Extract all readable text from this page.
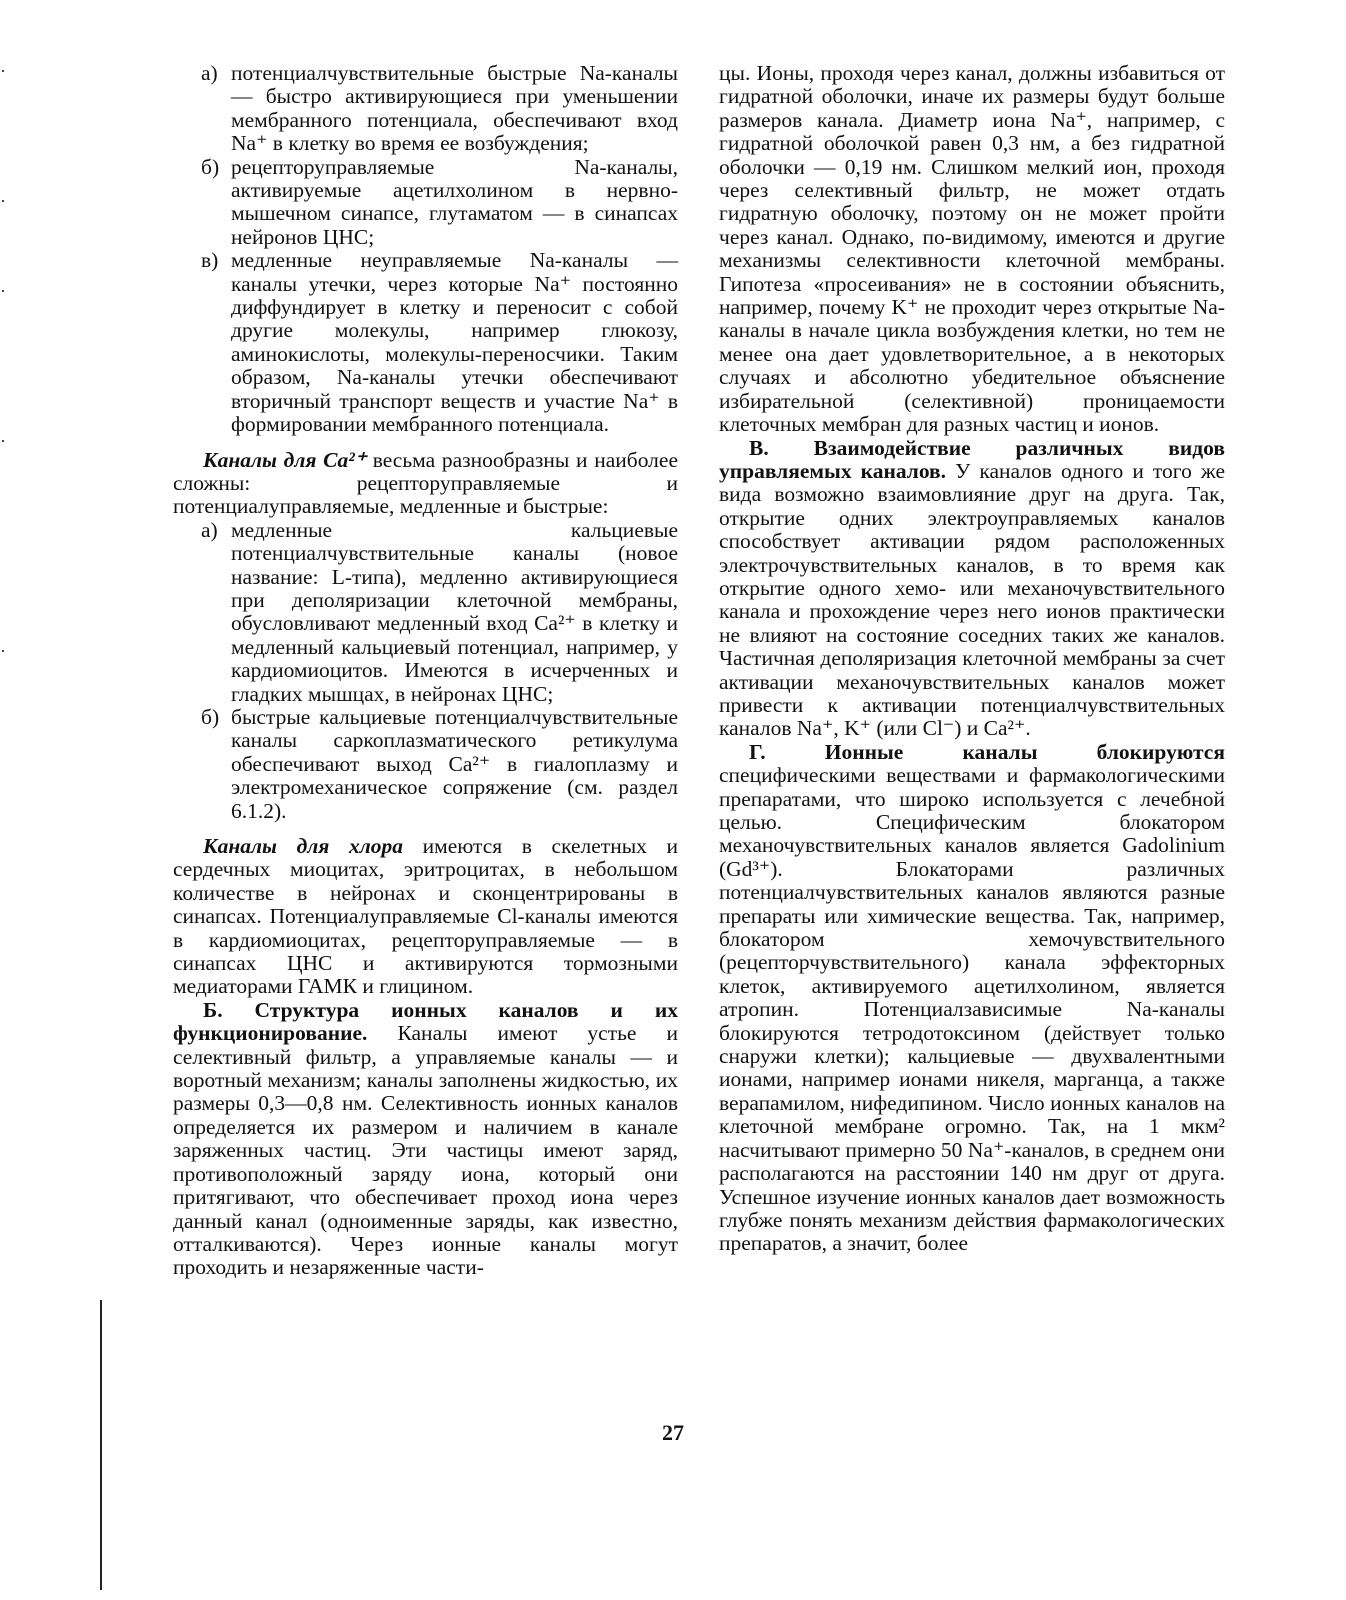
а) потенциалчувствительные быстрые Na-каналы — быстро активирующиеся при уменьшении мембранного потенциала, обеспечивают вход Na⁺ в клетку во время ее возбуждения;
б) рецепторуправляемые Na-каналы, активируемые ацетилхолином в нервно-мышечном синапсе, глутаматом — в синапсах нейронов ЦНС;
в) медленные неуправляемые Na-каналы — каналы утечки, через которые Na⁺ постоянно диффундирует в клетку и переносит с собой другие молекулы, например глюкозу, аминокислоты, молекулы-переносчики. Таким образом, Na-каналы утечки обеспечивают вторичный транспорт веществ и участие Na⁺ в формировании мембранного потенциала.

Каналы для Ca²⁺ весьма разнообразны и наиболее сложны: рецепторуправляемые и потенциалуправляемые, медленные и быстрые:

а) медленные кальциевые потенциалчувствительные каналы (новое название: L-типа), медленно активирующиеся при деполяризации клеточной мембраны, обусловливают медленный вход Ca²⁺ в клетку и медленный кальциевый потенциал, например, у кардиомиоцитов. Имеются в исчерченных и гладких мышцах, в нейронах ЦНС;
б) быстрые кальциевые потенциалчувствительные каналы саркоплазматического ретикулума обеспечивают выход Ca²⁺ в гиалоплазму и электромеханическое сопряжение (см. раздел 6.1.2).

Каналы для хлора имеются в скелетных и сердечных миоцитах, эритроцитах, в небольшом количестве в нейронах и сконцентрированы в синапсах. Потенциалуправляемые Cl-каналы имеются в кардиомиоцитах, рецепторуправляемые — в синапсах ЦНС и активируются тормозными медиаторами ГАМК и глицином.

Б. Структура ионных каналов и их функционирование. Каналы имеют устье и селективный фильтр, а управляемые каналы — и воротный механизм; каналы заполнены жидкостью, их размеры 0,3—0,8 нм. Селективность ионных каналов определяется их размером и наличием в канале заряженных частиц. Эти частицы имеют заряд, противоположный заряду иона, который они притягивают, что обеспечивает проход иона через данный канал (одноименные заряды, как известно, отталкиваются). Через ионные каналы могут проходить и незаряженные части-

цы. Ионы, проходя через канал, должны избавиться от гидратной оболочки, иначе их размеры будут больше размеров канала. Диаметр иона Na⁺, например, с гидратной оболочкой равен 0,3 нм, а без гидратной оболочки — 0,19 нм. Слишком мелкий ион, проходя через селективный фильтр, не может отдать гидратную оболочку, поэтому он не может пройти через канал. Однако, по-видимому, имеются и другие механизмы селективности клеточной мембраны. Гипотеза «просеивания» не в состоянии объяснить, например, почему K⁺ не проходит через открытые Na-каналы в начале цикла возбуждения клетки, но тем не менее она дает удовлетворительное, а в некоторых случаях и абсолютно убедительное объяснение избирательной (селективной) проницаемости клеточных мембран для разных частиц и ионов.

В. Взаимодействие различных видов управляемых каналов. У каналов одного и того же вида возможно взаимовлияние друг на друга. Так, открытие одних электроуправляемых каналов способствует активации рядом расположенных электрочувствительных каналов, в то время как открытие одного хемо- или механочувствительного канала и прохождение через него ионов практически не влияют на состояние соседних таких же каналов. Частичная деполяризация клеточной мембраны за счет активации механочувствительных каналов может привести к активации потенциалчувствительных каналов Na⁺, K⁺ (или Cl⁻) и Ca²⁺.

Г. Ионные каналы блокируются специфическими веществами и фармакологическими препаратами, что широко используется с лечебной целью. Специфическим блокатором механочувствительных каналов является Gadolinium (Gd³⁺). Блокаторами различных потенциалчувствительных каналов являются разные препараты или химические вещества. Так, например, блокатором хемочувствительного (рецепторчувствительного) канала эффекторных клеток, активируемого ацетилхолином, является атропин. Потенциалзависимые Na-каналы блокируются тетродотоксином (действует только снаружи клетки); кальциевые — двухвалентными ионами, например ионами никеля, марганца, а также верапамилом, нифедипином. Число ионных каналов на клеточной мембране огромно. Так, на 1 мкм² насчитывают примерно 50 Na⁺-каналов, в среднем они располагаются на расстоянии 140 нм друг от друга. Успешное изучение ионных каналов дает возможность глубже понять механизм действия фармакологических препаратов, а значит, более

27
